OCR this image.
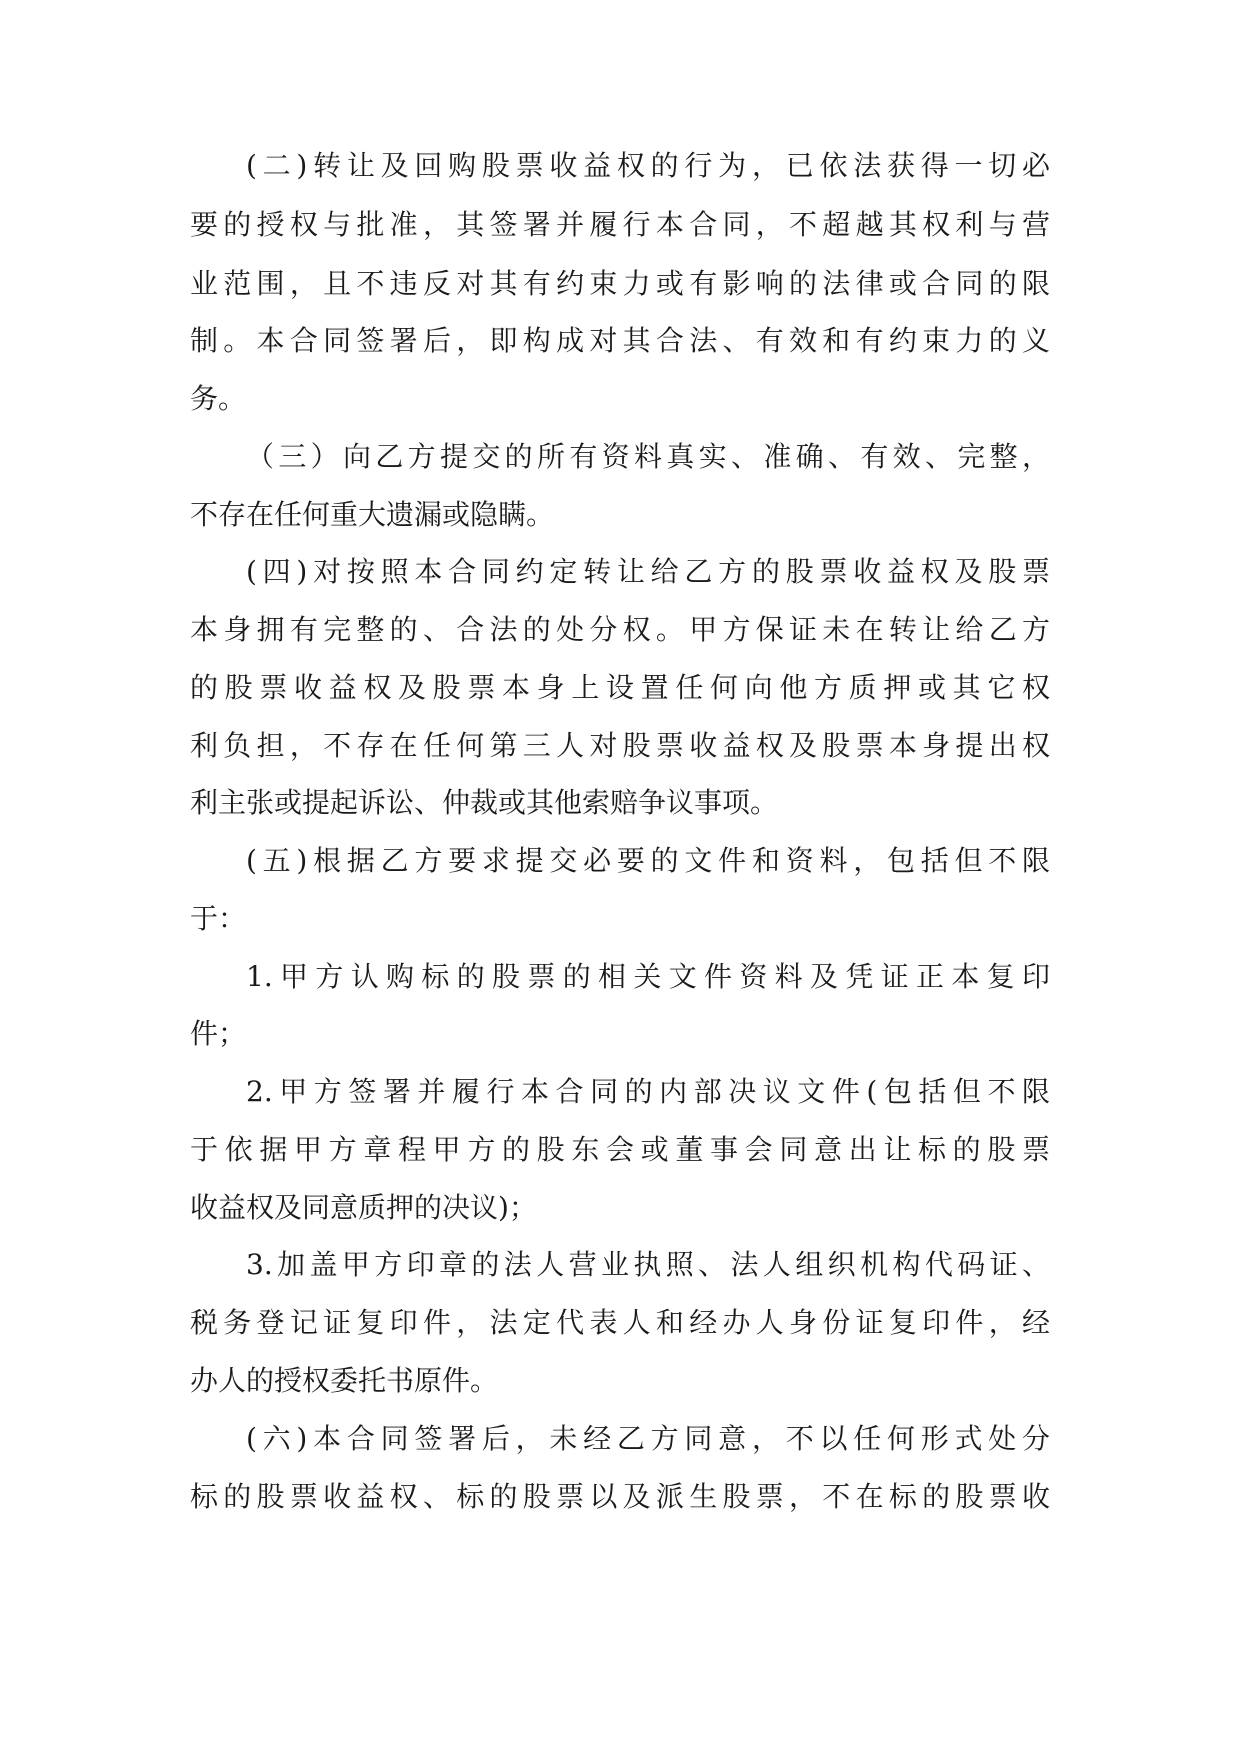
(二)转让及回购股票收益权的行为，已依法获得一切必
要的授权与批准，其签署并履行本合同，不超越其权利与营
业范围，且不违反对其有约束力或有影响的法律或合同的限
制。本合同签署后，即构成对其合法、有效和有约束力的义
务。
（三）向乙方提交的所有资料真实、准确、有效、完整，
不存在任何重大遗漏或隐瞒。
(四)对按照本合同约定转让给乙方的股票收益权及股票
本身拥有完整的、合法的处分权。甲方保证未在转让给乙方
的股票收益权及股票本身上设置任何向他方质押或其它权
利负担，不存在任何第三人对股票收益权及股票本身提出权
利主张或提起诉讼、仲裁或其他索赔争议事项。
(五)根据乙方要求提交必要的文件和资料，包括但不限
于：
1.甲方认购标的股票的相关文件资料及凭证正本复印
件；
2.甲方签署并履行本合同的内部决议文件(包括但不限
于依据甲方章程甲方的股东会或董事会同意出让标的股票
收益权及同意质押的决议)；
3.加盖甲方印章的法人营业执照、法人组织机构代码证、
税务登记证复印件，法定代表人和经办人身份证复印件，经
办人的授权委托书原件。
(六)本合同签署后，未经乙方同意，不以任何形式处分
标的股票收益权、标的股票以及派生股票，不在标的股票收
